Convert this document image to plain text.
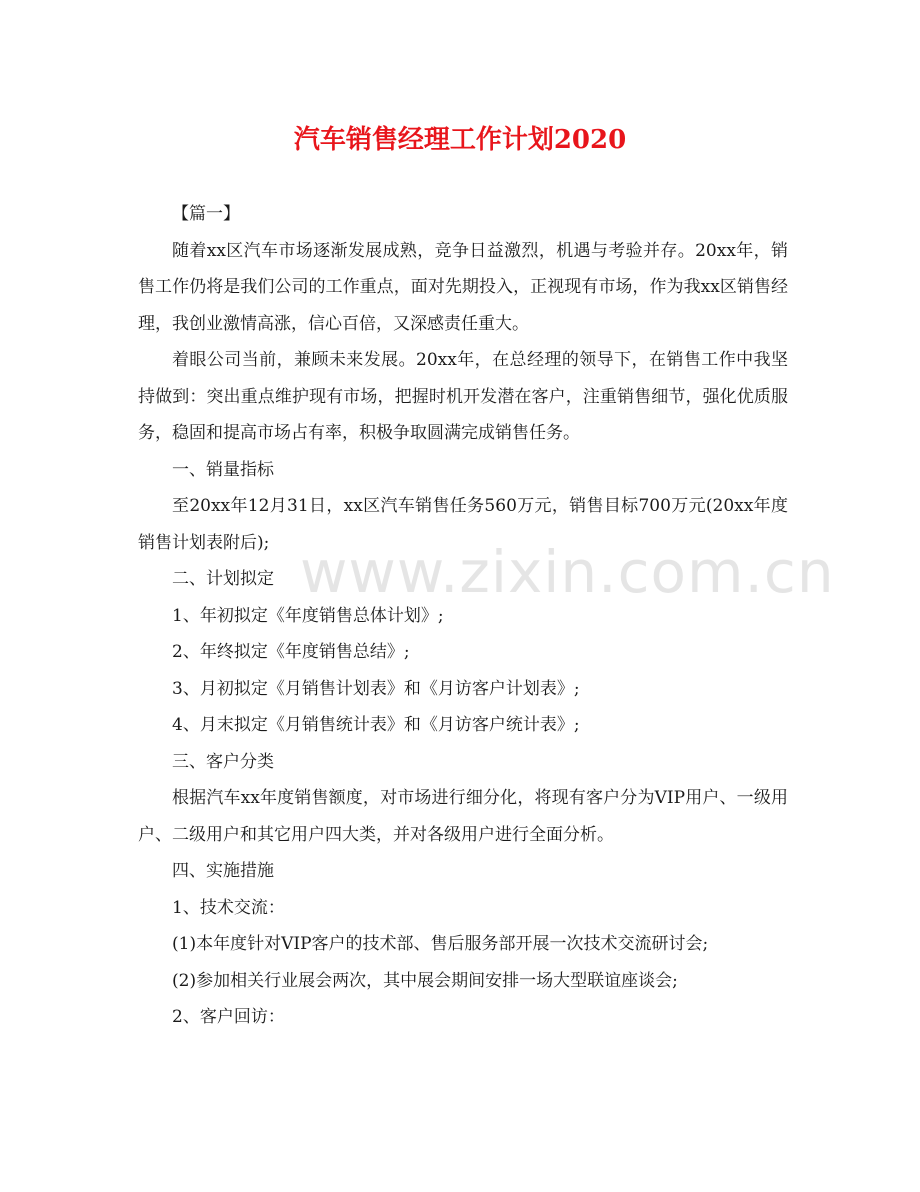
汽车销售经理工作计划2020

【篇一】

随着xx区汽车市场逐渐发展成熟，竞争日益激烈，机遇与考验并存。20xx年，销售工作仍将是我们公司的工作重点，面对先期投入，正视现有市场，作为我xx区销售经理，我创业激情高涨，信心百倍，又深感责任重大。

着眼公司当前，兼顾未来发展。20xx年，在总经理的领导下，在销售工作中我坚持做到：突出重点维护现有市场，把握时机开发潜在客户，注重销售细节，强化优质服务，稳固和提高市场占有率，积极争取圆满完成销售任务。

一、销量指标

至20xx年12月31日，xx区汽车销售任务560万元，销售目标700万元(20xx年度销售计划表附后);

二、计划拟定

1、年初拟定《年度销售总体计划》;

2、年终拟定《年度销售总结》;

3、月初拟定《月销售计划表》和《月访客户计划表》;

4、月末拟定《月销售统计表》和《月访客户统计表》;

三、客户分类

根据汽车xx年度销售额度，对市场进行细分化，将现有客户分为VIP用户、一级用户、二级用户和其它用户四大类，并对各级用户进行全面分析。

四、实施措施

1、技术交流：

(1)本年度针对VIP客户的技术部、售后服务部开展一次技术交流研讨会;

(2)参加相关行业展会两次，其中展会期间安排一场大型联谊座谈会;

2、客户回访：

www.zixin.com.cn
